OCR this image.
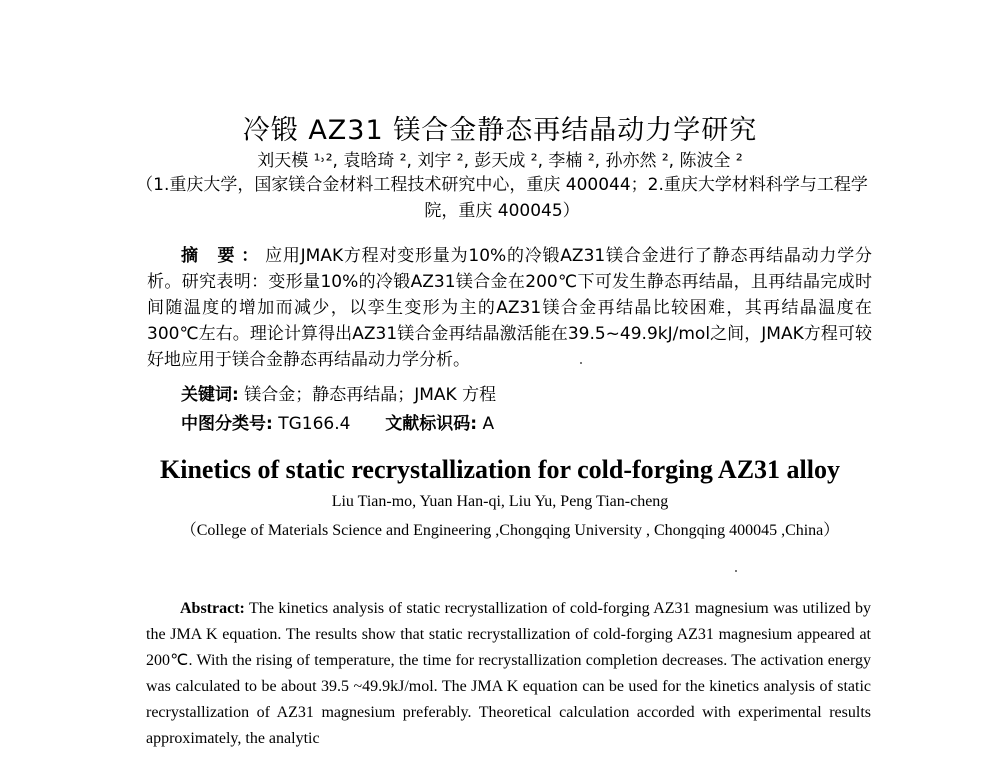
冷锻 AZ31 镁合金静态再结晶动力学研究
刘天模 ¹˒², 袁晗琦 ², 刘宇 ², 彭天成 ², 李楠 ², 孙亦然 ², 陈波全 ²
（1.重庆大学，国家镁合金材料工程技术研究中心，重庆 400044；2.重庆大学材料科学与工程学院，重庆 400045）
摘 要：应用JMAK方程对变形量为10%的冷锻AZ31镁合金进行了静态再结晶动力学分析。研究表明：变形量10%的冷锻AZ31镁合金在200℃下可发生静态再结晶，且再结晶完成时间随温度的增加而减少，以孪生变形为主的AZ31镁合金再结晶比较困难，其再结晶温度在300℃左右。理论计算得出AZ31镁合金再结晶激活能在39.5~49.9kJ/mol之间，JMAK方程可较好地应用于镁合金静态再结晶动力学分析。
关键词: 镁合金；静态再结晶；JMAK 方程
中图分类号: TG166.4 文献标识码: A
Kinetics of static recrystallization for cold-forging AZ31 alloy
Liu Tian-mo, Yuan Han-qi, Liu Yu, Peng Tian-cheng
（College of Materials Science and Engineering ,Chongqing University , Chongqing 400045 ,China）
Abstract: The kinetics analysis of static recrystallization of cold-forging AZ31 magnesium was utilized by the JMA K equation. The results show that static recrystallization of cold-forging AZ31 magnesium appeared at 200℃. With the rising of temperature, the time for recrystallization completion decreases. The activation energy was calculated to be about 39.5 ~49.9kJ/mol. The JMA K equation can be used for the kinetics analysis of static recrystallization of AZ31 magnesium preferably. Theoretical calculation accorded with experimental results approximately, the analytic
